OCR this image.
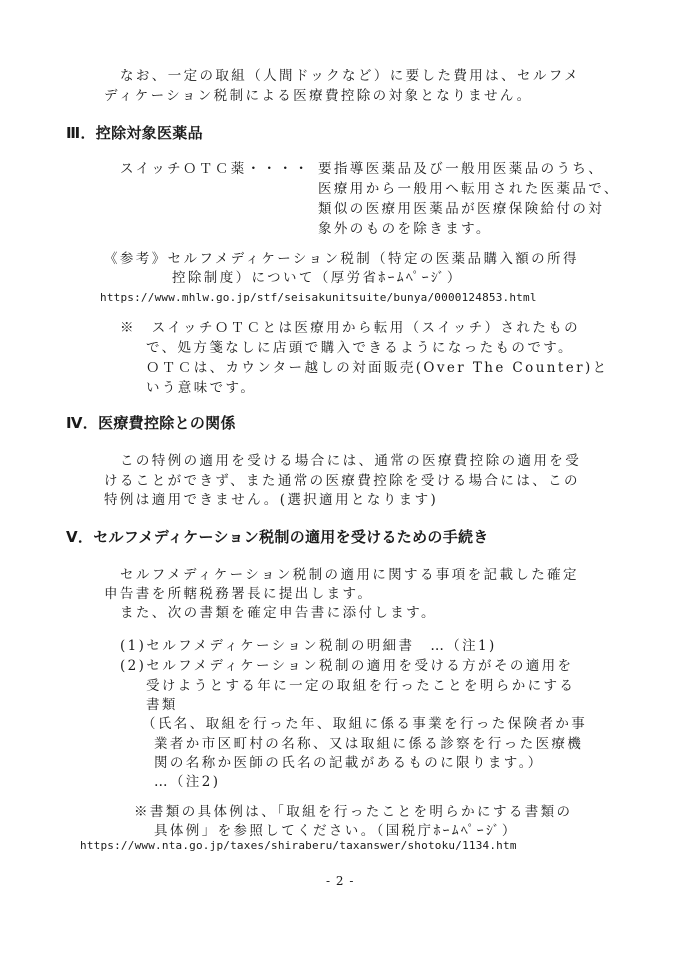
なお、一定の取組（人間ドックなど）に要した費用は、セルフメ
ディケーション税制による医療費控除の対象となりません。
Ⅲ．控除対象医薬品
スイッチＯＴＣ薬・・・・ 要指導医薬品及び一般用医薬品のうち、
医療用から一般用へ転用された医薬品で、
類似の医療用医薬品が医療保険給付の対
象外のものを除きます。
《参考》セルフメディケーション税制（特定の医薬品購入額の所得
控除制度）について（厚労省ﾎｰﾑﾍﾟｰｼﾞ）
https://www.mhlw.go.jp/stf/seisakunitsuite/bunya/0000124853.html
※　スイッチＯＴＣとは医療用から転用（スイッチ）されたもの
で、処方箋なしに店頭で購入できるようになったものです。
ＯＴＣは、カウンター越しの対面販売(Over The Counter)と
いう意味です。
Ⅳ．医療費控除との関係
この特例の適用を受ける場合には、通常の医療費控除の適用を受
けることができず、また通常の医療費控除を受ける場合には、この
特例は適用できません。(選択適用となります)
Ⅴ．セルフメディケーション税制の適用を受けるための手続き
セルフメディケーション税制の適用に関する事項を記載した確定
申告書を所轄税務署長に提出します。
また、次の書類を確定申告書に添付します。
(1)セルフメディケーション税制の明細書　…（注1)
(2)セルフメディケーション税制の適用を受ける方がその適用を
受けようとする年に一定の取組を行ったことを明らかにする
書類
（氏名、取組を行った年、取組に係る事業を行った保険者か事
業者か市区町村の名称、又は取組に係る診察を行った医療機
関の名称か医師の氏名の記載があるものに限ります。）
…（注2)
※書類の具体例は、「取組を行ったことを明らかにする書類の
具体例」を参照してください。（国税庁ﾎｰﾑﾍﾟｰｼﾞ）
https://www.nta.go.jp/taxes/shiraberu/taxanswer/shotoku/1134.htm
- 2 -
